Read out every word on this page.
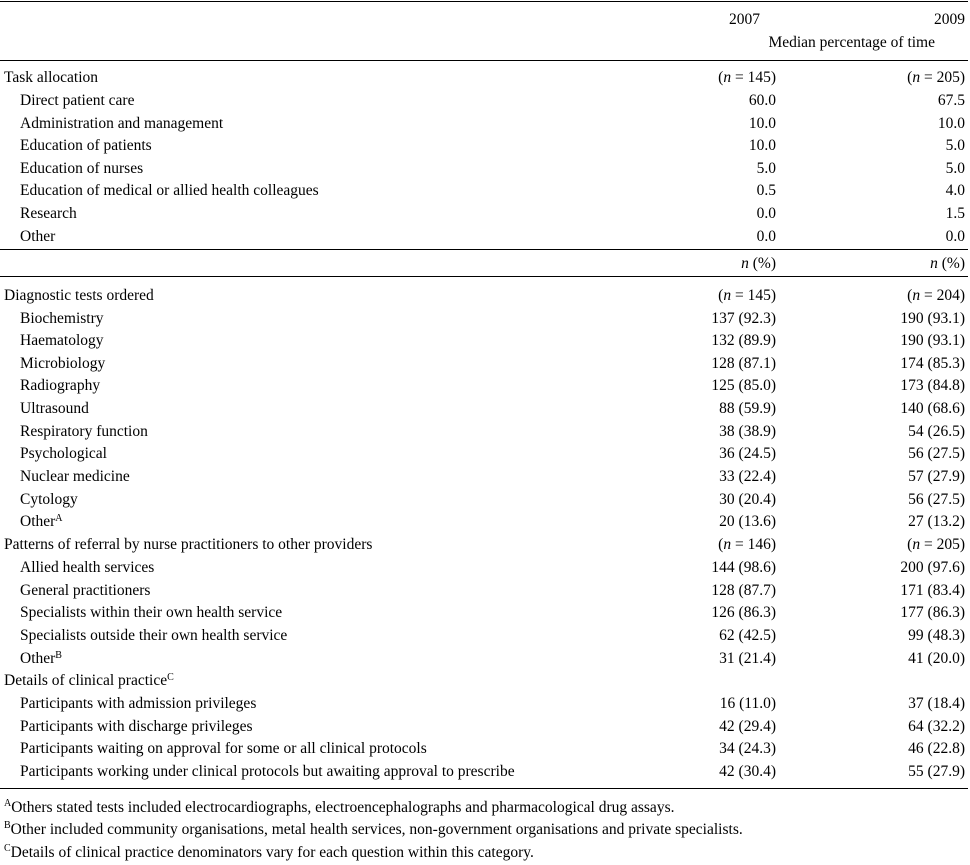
2007	2009
Median percentage of time
Task allocation	(n = 145)	(n = 205)
Direct patient care	60.0	67.5
Administration and management	10.0	10.0
Education of patients	10.0	5.0
Education of nurses	5.0	5.0
Education of medical or allied health colleagues	0.5	4.0
Research	0.0	1.5
Other	0.0	0.0
n (%)	n (%)
Diagnostic tests ordered	(n = 145)	(n = 204)
Biochemistry	137 (92.3)	190 (93.1)
Haematology	132 (89.9)	190 (93.1)
Microbiology	128 (87.1)	174 (85.3)
Radiography	125 (85.0)	173 (84.8)
Ultrasound	88 (59.9)	140 (68.6)
Respiratory function	38 (38.9)	54 (26.5)
Psychological	36 (24.5)	56 (27.5)
Nuclear medicine	33 (22.4)	57 (27.9)
Cytology	30 (20.4)	56 (27.5)
Other$^A$	20 (13.6)	27 (13.2)
Patterns of referral by nurse practitioners to other providers	(n = 146)	(n = 205)
Allied health services	144 (98.6)	200 (97.6)
General practitioners	128 (87.7)	171 (83.4)
Specialists within their own health service	126 (86.3)	177 (86.3)
Specialists outside their own health service	62 (42.5)	99 (48.3)
Other$^B$	31 (21.4)	41 (20.0)
Details of clinical practice$^C$
Participants with admission privileges	16 (11.0)	37 (18.4)
Participants with discharge privileges	42 (29.4)	64 (32.2)
Participants waiting on approval for some or all clinical protocols	34 (24.3)	46 (22.8)
Participants working under clinical protocols but awaiting approval to prescribe	42 (30.4)	55 (27.9)
$^A$Others stated tests included electrocardiographs, electroencephalographs and pharmacological drug assays.
$^B$Other included community organisations, metal health services, non-government organisations and private specialists.
$^C$Details of clinical practice denominators vary for each question within this category.
